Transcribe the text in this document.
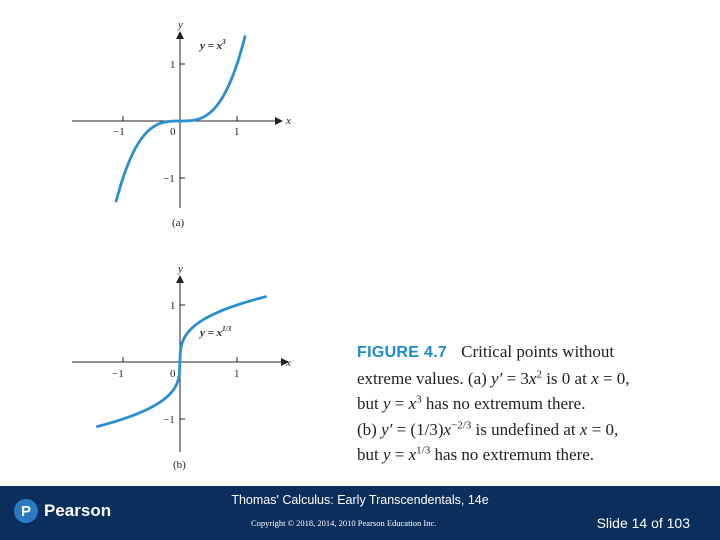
y
x
−1	0	1
1
−1
$y = x^3$
(a)
y
x
−1	0	1
1
−1
$y = x^{1/3}$
(b)
FIGURE 4.7 Critical points without
extreme values. (a) $y' = 3x^2$ is 0 at x = 0,
but $y = x^3$ has no extremum there.
(b) $y' = (1/3)x^{-2/3}$ is undefined at x = 0,
but $y = x^{1/3}$ has no extremum there.
P Pearson
Thomas' Calculus: Early Transcendentals, 14e
Copyright © 2018, 2014, 2010 Pearson Education Inc.	Slide 14 of 103
